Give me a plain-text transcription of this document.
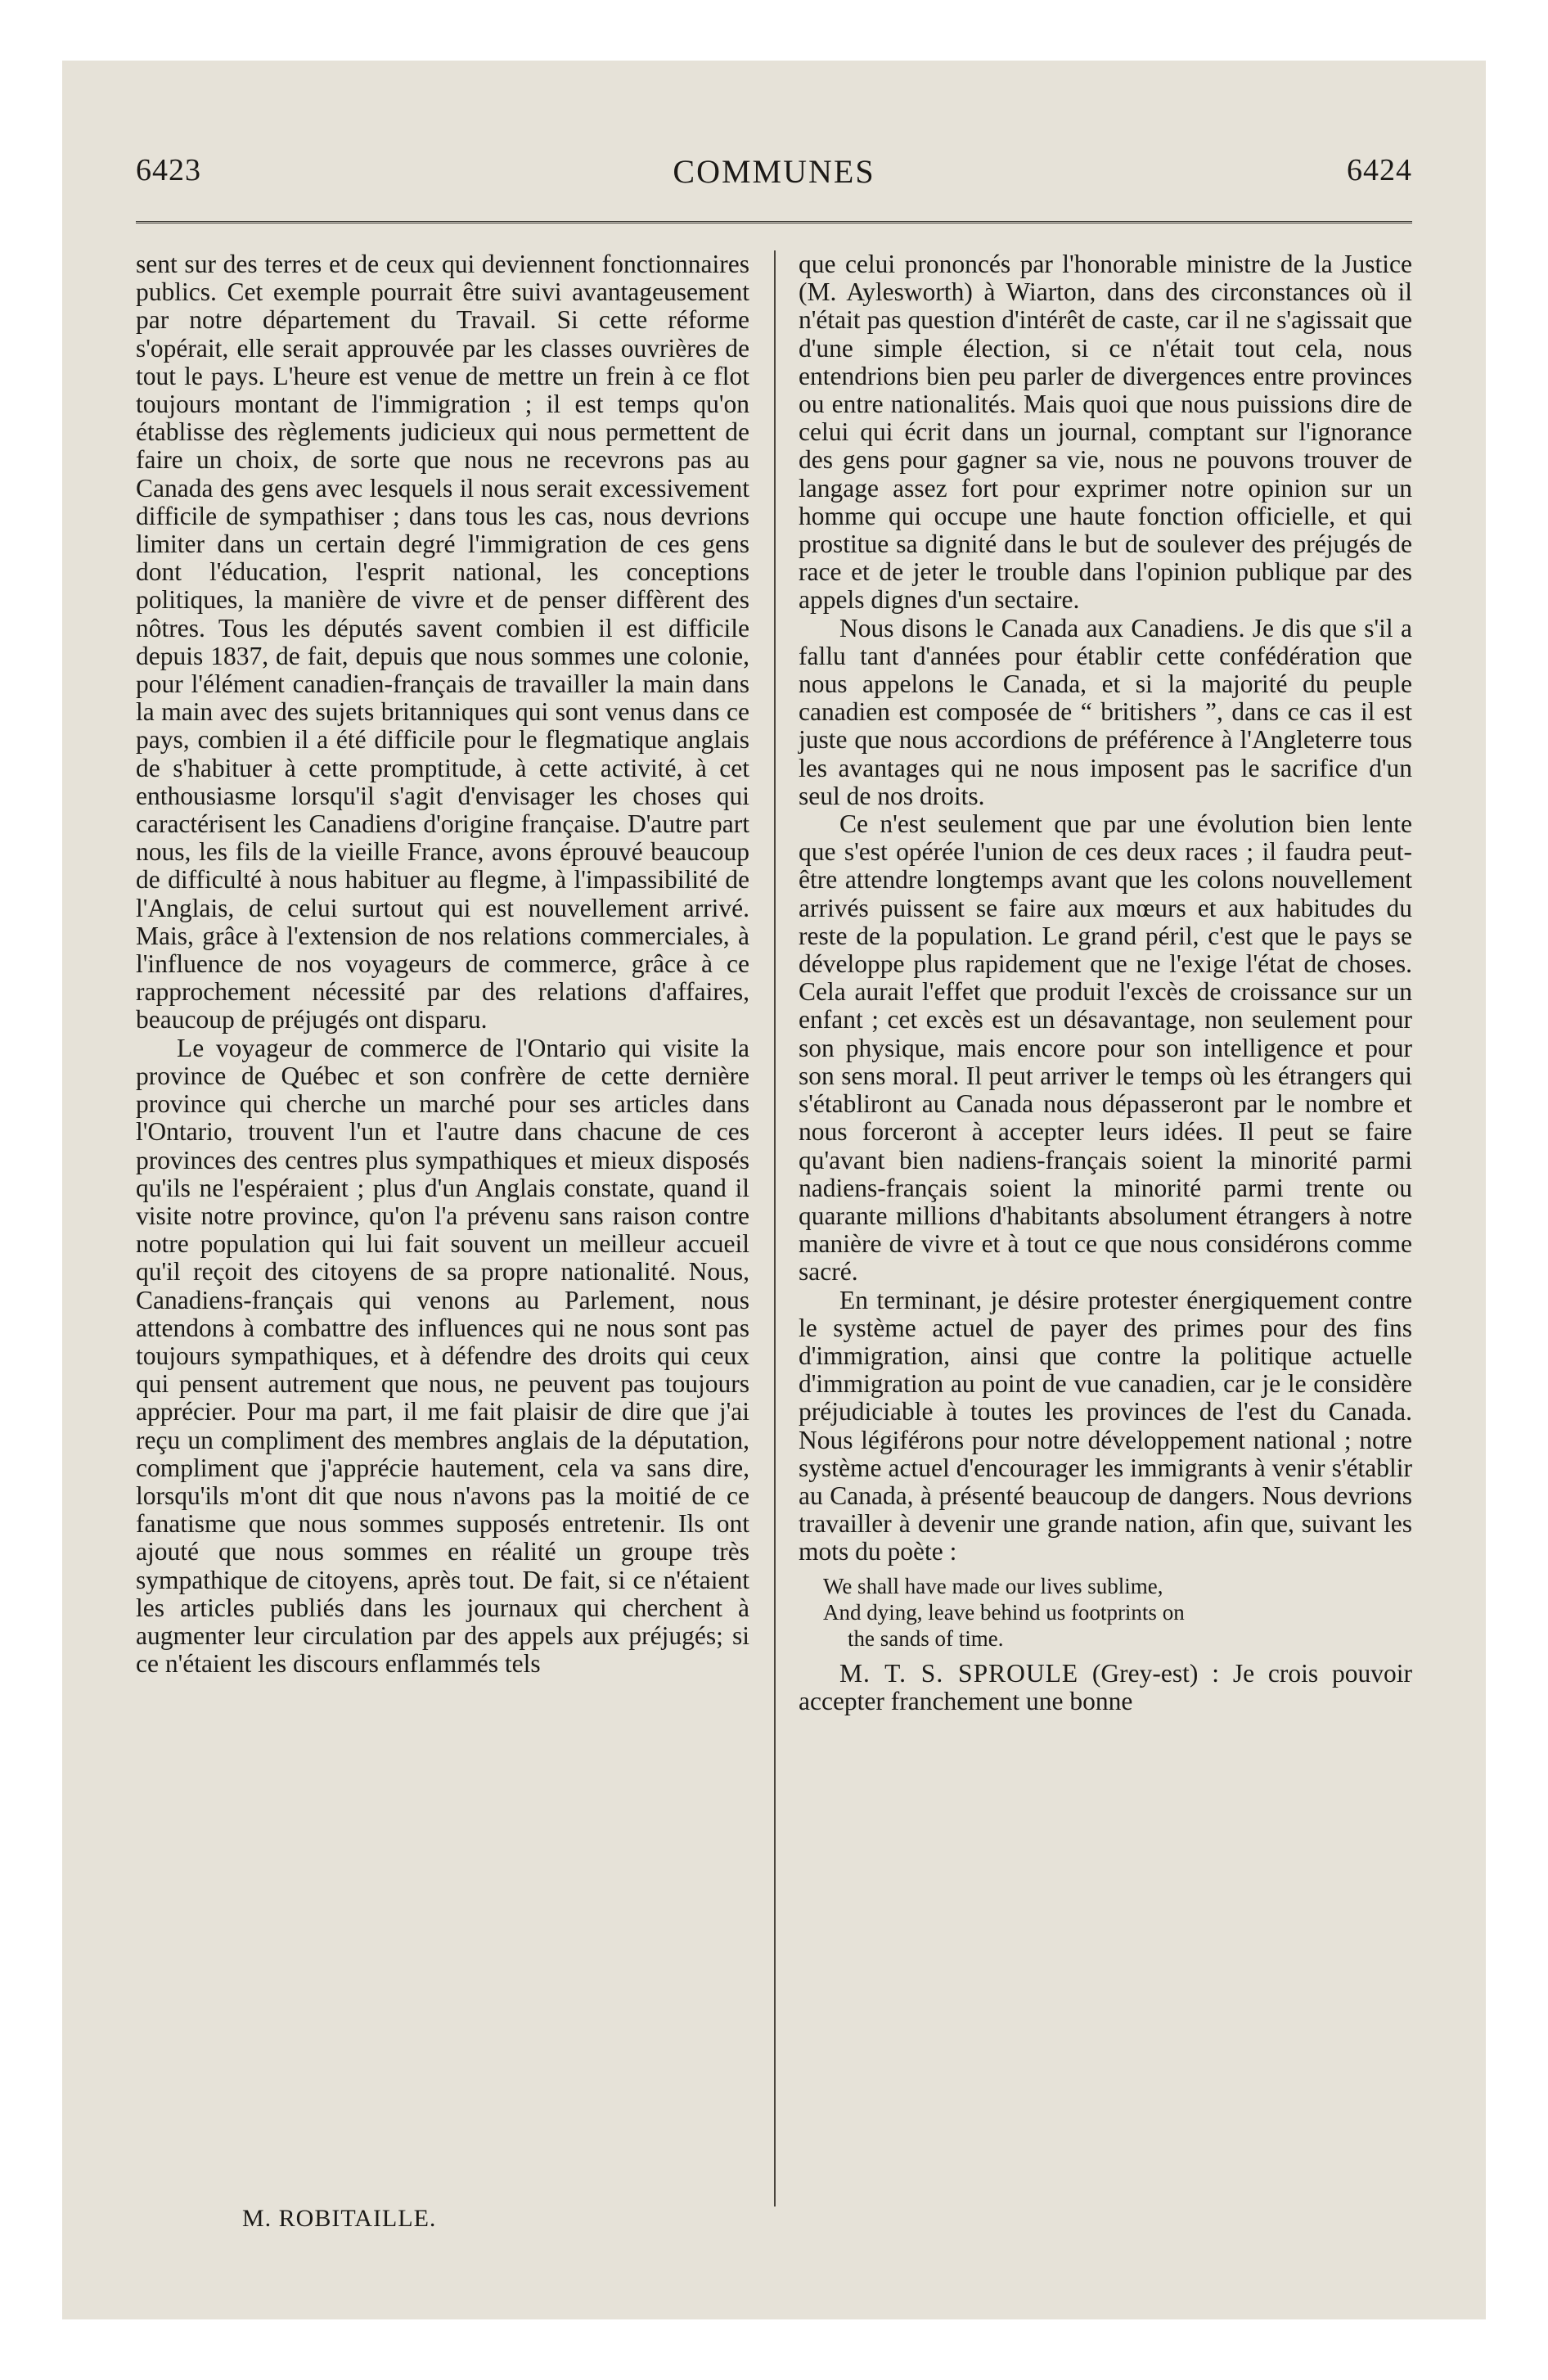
6423	COMMUNES	6424

sent sur des terres et de ceux qui deviennent fonctionnaires publics. Cet exemple pourrait être suivi avantageusement par notre département du Travail. Si cette réforme s'opérait, elle serait approuvée par les classes ouvrières de tout le pays. L'heure est venue de mettre un frein à ce flot toujours montant de l'immigration ; il est temps qu'on établisse des règlements judicieux qui nous permettent de faire un choix, de sorte que nous ne recevrons pas au Canada des gens avec lesquels il nous serait excessivement difficile de sympathiser ; dans tous les cas, nous devrions limiter dans un certain degré l'immigration de ces gens dont l'éducation, l'esprit national, les conceptions politiques, la manière de vivre et de penser diffèrent des nôtres. Tous les députés savent combien il est difficile depuis 1837, de fait, depuis que nous sommes une colonie, pour l'élément canadien-français de travailler la main dans la main avec des sujets britanniques qui sont venus dans ce pays, combien il a été difficile pour le flegmatique anglais de s'habituer à cette promptitude, à cette activité, à cet enthousiasme lorsqu'il s'agit d'envisager les choses qui caractérisent les Canadiens d'origine française. D'autre part nous, les fils de la vieille France, avons éprouvé beaucoup de difficulté à nous habituer au flegme, à l'impassibilité de l'Anglais, de celui surtout qui est nouvellement arrivé. Mais, grâce à l'extension de nos relations commerciales, à l'influence de nos voyageurs de commerce, grâce à ce rapprochement nécessité par des relations d'affaires, beaucoup de préjugés ont disparu.

Le voyageur de commerce de l'Ontario qui visite la province de Québec et son confrère de cette dernière province qui cherche un marché pour ses articles dans l'Ontario, trouvent l'un et l'autre dans chacune de ces provinces des centres plus sympathiques et mieux disposés qu'ils ne l'espéraient ; plus d'un Anglais constate, quand il visite notre province, qu'on l'a prévenu sans raison contre notre population qui lui fait souvent un meilleur accueil qu'il reçoit des citoyens de sa propre nationalité. Nous, Canadiens-français qui venons au Parlement, nous attendons à combattre des influences qui ne nous sont pas toujours sympathiques, et à défendre des droits qui ceux qui pensent autrement que nous, ne peuvent pas toujours apprécier. Pour ma part, il me fait plaisir de dire que j'ai reçu un compliment des membres anglais de la députation, compliment que j'apprécie hautement, cela va sans dire, lorsqu'ils m'ont dit que nous n'avons pas la moitié de ce fanatisme que nous sommes supposés entretenir. Ils ont ajouté que nous sommes en réalité un groupe très sympathique de citoyens, après tout. De fait, si ce n'étaient les articles publiés dans les journaux qui cherchent à augmenter leur circulation par des appels aux préjugés; si ce n'étaient les discours enflammés tels

que celui prononcés par l'honorable ministre de la Justice (M. Aylesworth) à Wiarton, dans des circonstances où il n'était pas question d'intérêt de caste, car il ne s'agissait que d'une simple élection, si ce n'était tout cela, nous entendrions bien peu parler de divergences entre provinces ou entre nationalités. Mais quoi que nous puissions dire de celui qui écrit dans un journal, comptant sur l'ignorance des gens pour gagner sa vie, nous ne pouvons trouver de langage assez fort pour exprimer notre opinion sur un homme qui occupe une haute fonction officielle, et qui prostitue sa dignité dans le but de soulever des préjugés de race et de jeter le trouble dans l'opinion publique par des appels dignes d'un sectaire.

Nous disons le Canada aux Canadiens. Je dis que s'il a fallu tant d'années pour établir cette confédération que nous appelons le Canada, et si la majorité du peuple canadien est composée de “ britishers ”, dans ce cas il est juste que nous accordions de préférence à l'Angleterre tous les avantages qui ne nous imposent pas le sacrifice d'un seul de nos droits.

Ce n'est seulement que par une évolution bien lente que s'est opérée l'union de ces deux races ; il faudra peut-être attendre longtemps avant que les colons nouvellement arrivés puissent se faire aux mœurs et aux habitudes du reste de la population. Le grand péril, c'est que le pays se développe plus rapidement que ne l'exige l'état de choses. Cela aurait l'effet que produit l'excès de croissance sur un enfant ; cet excès est un désavantage, non seulement pour son physique, mais encore pour son intelligence et pour son sens moral. Il peut arriver le temps où les étrangers qui s'établiront au Canada nous dépasseront par le nombre et nous forceront à accepter leurs idées. Il peut se faire qu'avant bien nadiens-français soient la minorité parmi nadiens-français soient la minorité parmi trente ou quarante millions d'habitants absolument étrangers à notre manière de vivre et à tout ce que nous considérons comme sacré.

En terminant, je désire protester énergiquement contre le système actuel de payer des primes pour des fins d'immigration, ainsi que contre la politique actuelle d'immigration au point de vue canadien, car je le considère préjudiciable à toutes les provinces de l'est du Canada. Nous légiférons pour notre développement national ; notre système actuel d'encourager les immigrants à venir s'établir au Canada, à présenté beaucoup de dangers. Nous devrions travailler à devenir une grande nation, afin que, suivant les mots du poète :

We shall have made our lives sublime,
And dying, leave behind us footprints on
the sands of time.

M. T. S. SPROULE (Grey-est) : Je crois pouvoir accepter franchement une bonne

M. ROBITAILLE.
